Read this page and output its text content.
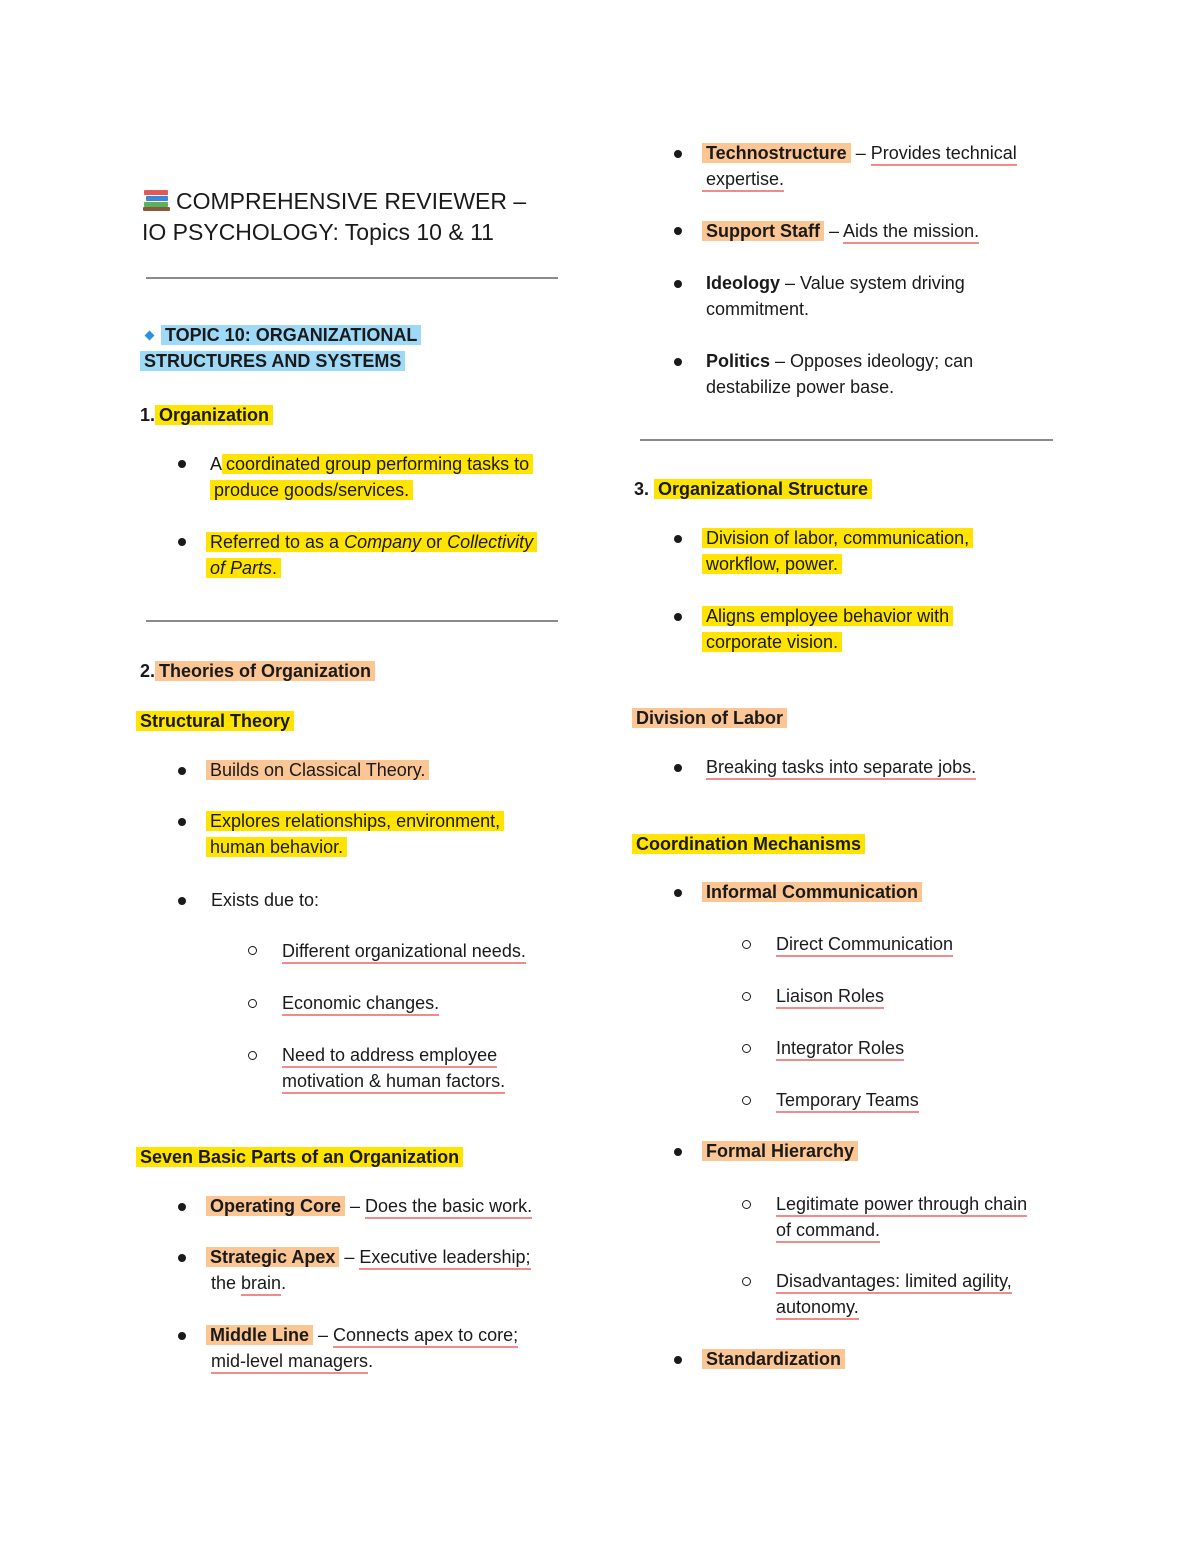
COMPREHENSIVE REVIEWER –
IO PSYCHOLOGY: Topics 10 & 11
TOPIC 10: ORGANIZATIONAL
STRUCTURES AND SYSTEMS
1. Organization
A coordinated group performing tasks to
produce goods/services.
Referred to as a Company or Collectivity
of Parts.
2. Theories of Organization
Structural Theory
Builds on Classical Theory.
Explores relationships, environment,
human behavior.
Exists due to:
Different organizational needs.
Economic changes.
Need to address employee
motivation & human factors.
Seven Basic Parts of an Organization
Operating Core – Does the basic work.
Strategic Apex – Executive leadership;
the brain.
Middle Line – Connects apex to core;
mid-level managers.
Technostructure – Provides technical
expertise.
Support Staff – Aids the mission.
Ideology – Value system driving
commitment.
Politics – Opposes ideology; can
destabilize power base.
3. Organizational Structure
Division of labor, communication,
workflow, power.
Aligns employee behavior with
corporate vision.
Division of Labor
Breaking tasks into separate jobs.
Coordination Mechanisms
Informal Communication
Direct Communication
Liaison Roles
Integrator Roles
Temporary Teams
Formal Hierarchy
Legitimate power through chain
of command.
Disadvantages: limited agility,
autonomy.
Standardization
